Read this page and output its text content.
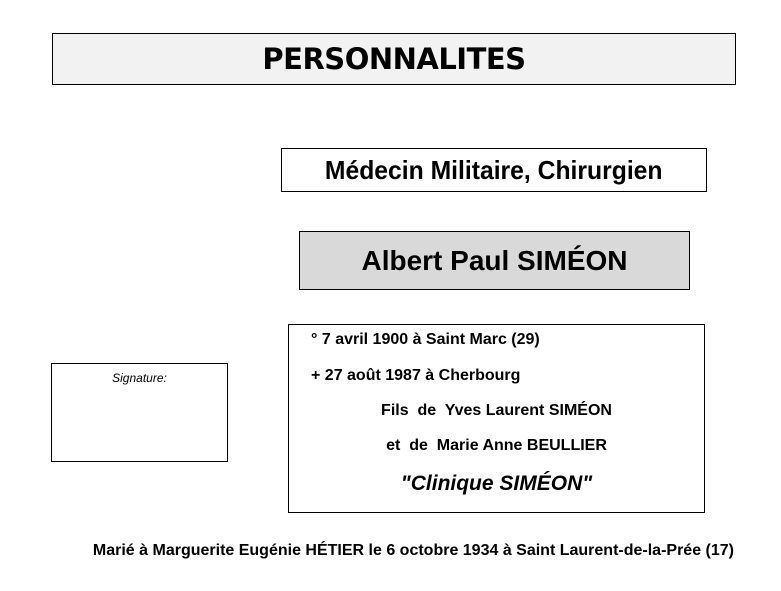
PERSONNALITES
Médecin Militaire, Chirurgien
Albert Paul SIMÉON
Signature:
° 7 avril 1900 à Saint Marc (29)
+ 27 août 1987 à Cherbourg
Fils  de  Yves Laurent SIMÉON
et  de  Marie Anne BEULLIER
"Clinique SIMÉON"
Marié à Marguerite Eugénie HÉTIER le 6 octobre 1934 à Saint Laurent-de-la-Prée (17)
